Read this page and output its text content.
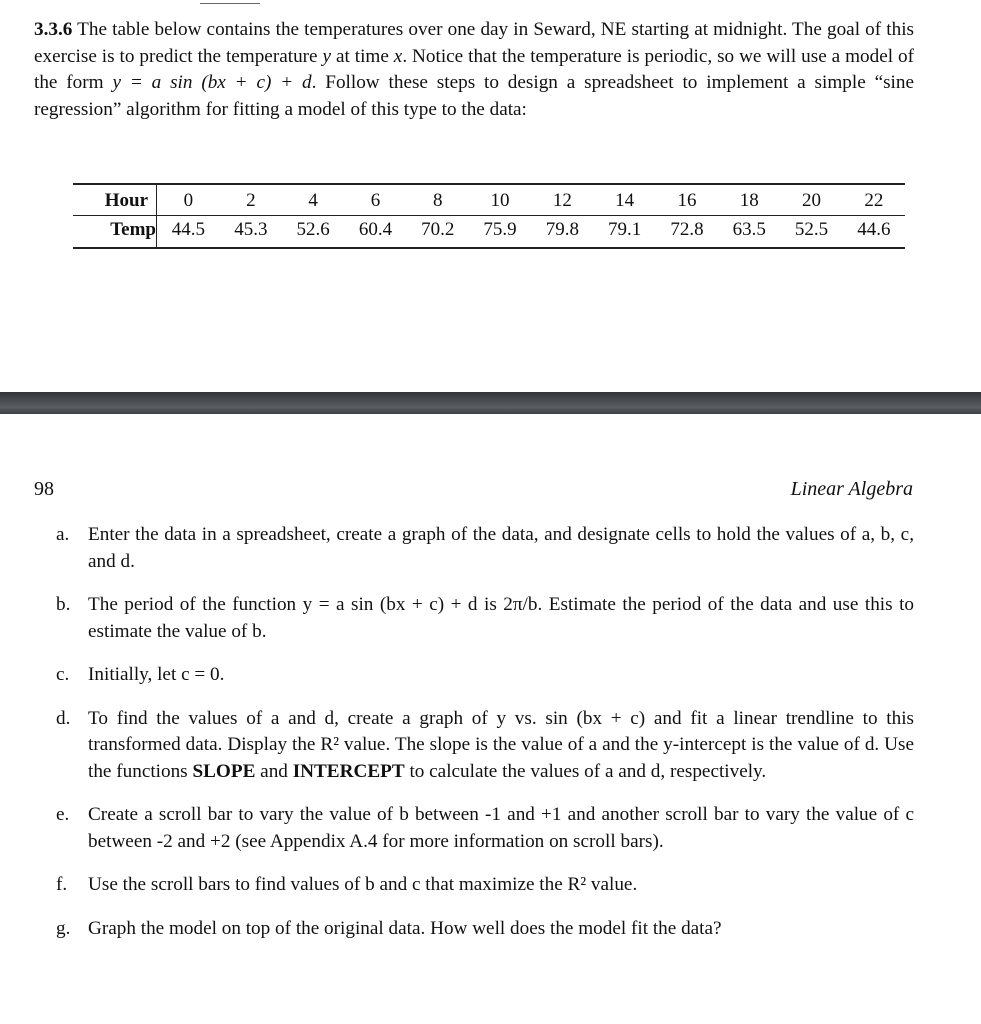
3.3.6 The table below contains the temperatures over one day in Seward, NE starting at midnight. The goal of this exercise is to predict the temperature y at time x. Notice that the temperature is periodic, so we will use a model of the form y = a sin (bx + c) + d. Follow these steps to design a spreadsheet to implement a simple “sine regression” algorithm for fitting a model of this type to the data:
Hour	0	2	4	6	8	10	12	14	16	18	20	22
Temp	44.5	45.3	52.6	60.4	70.2	75.9	79.8	79.1	72.8	63.5	52.5	44.6
98	Linear Algebra
a. Enter the data in a spreadsheet, create a graph of the data, and designate cells to hold the values of a, b, c, and d.
b. The period of the function y = a sin (bx + c) + d is 2π/b. Estimate the period of the data and use this to estimate the value of b.
c. Initially, let c = 0.
d. To find the values of a and d, create a graph of y vs. sin (bx + c) and fit a linear trendline to this transformed data. Display the R² value. The slope is the value of a and the y-intercept is the value of d. Use the functions SLOPE and INTERCEPT to calculate the values of a and d, respectively.
e. Create a scroll bar to vary the value of b between -1 and +1 and another scroll bar to vary the value of c between -2 and +2 (see Appendix A.4 for more information on scroll bars).
f. Use the scroll bars to find values of b and c that maximize the R² value.
g. Graph the model on top of the original data. How well does the model fit the data?
